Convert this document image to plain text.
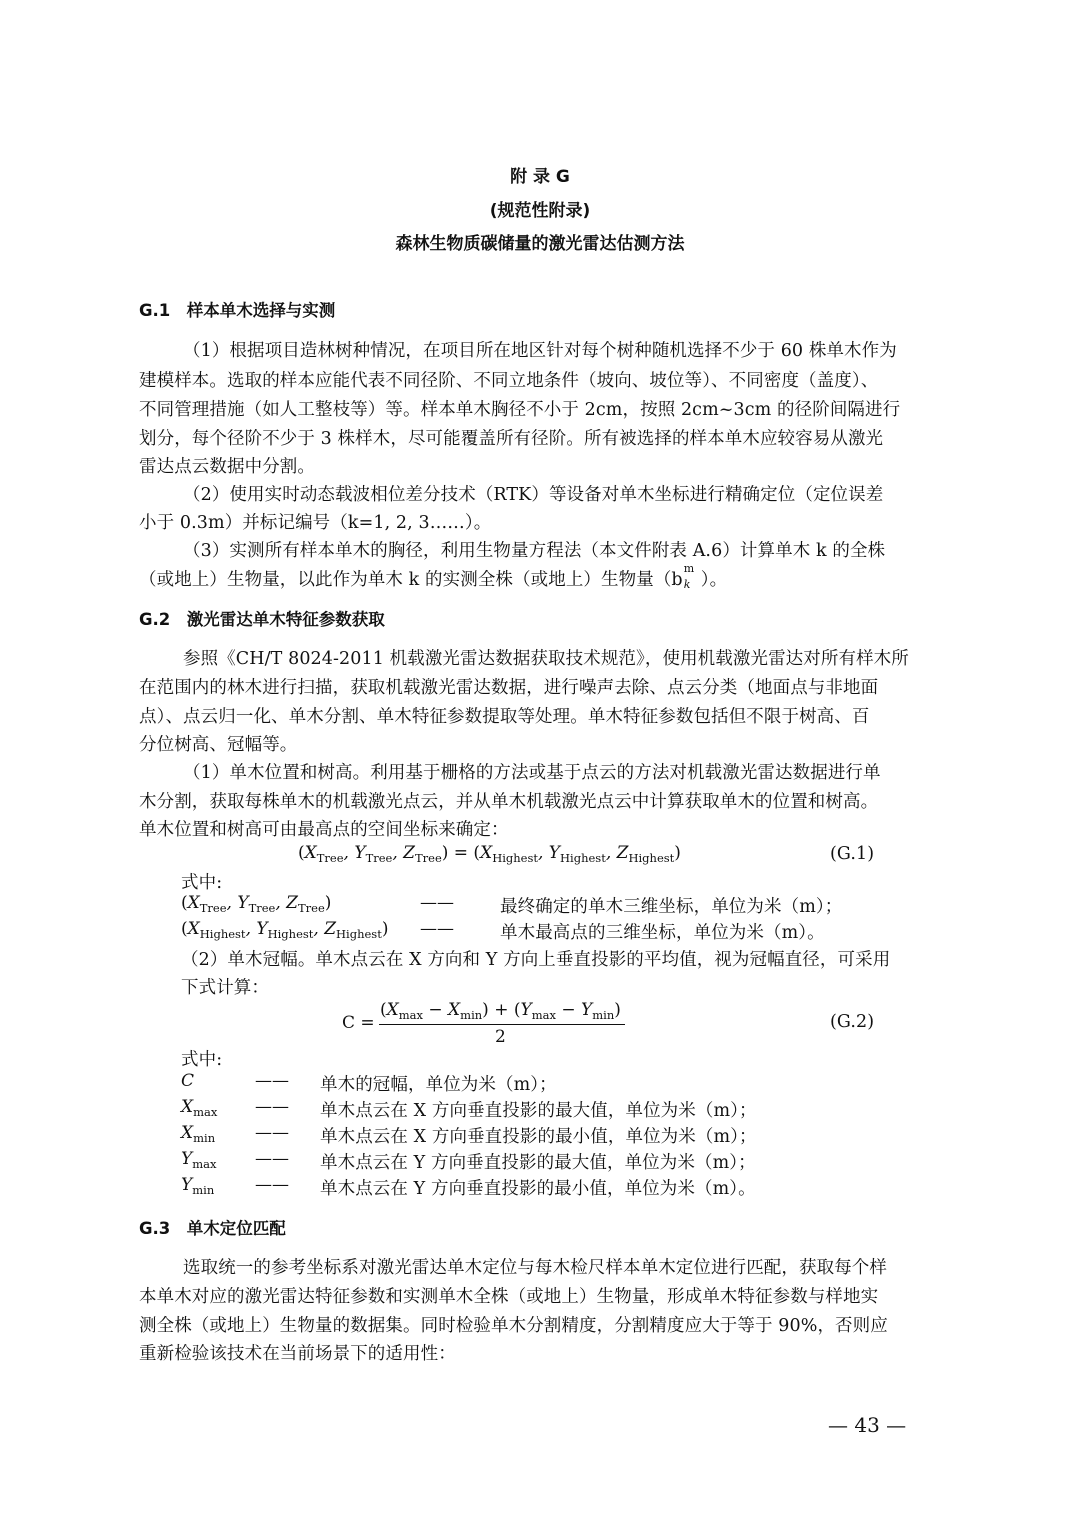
附 录 G
(规范性附录)
森林生物质碳储量的激光雷达估测方法
G.1　样本单木选择与实测
（1）根据项目造林树种情况，在项目所在地区针对每个树种随机选择不少于 60 株单木作为
建模样本。选取的样本应能代表不同径阶、不同立地条件（坡向、坡位等）、不同密度（盖度）、
不同管理措施（如人工整枝等）等。样本单木胸径不小于 2cm，按照 2cm~3cm 的径阶间隔进行
划分，每个径阶不少于 3 株样木，尽可能覆盖所有径阶。所有被选择的样本单木应较容易从激光
雷达点云数据中分割。
（2）使用实时动态载波相位差分技术（RTK）等设备对单木坐标进行精确定位（定位误差
小于 0.3m）并标记编号（k=1, 2, 3……）。
（3）实测所有样本单木的胸径，利用生物量方程法（本文件附表 A.6）计算单木 k 的全株
（或地上）生物量，以此作为单木 k 的实测全株（或地上）生物量（b
m
k ）。
G.2　激光雷达单木特征参数获取
参照《CH/T 8024-2011 机载激光雷达数据获取技术规范》，使用机载激光雷达对所有样木所
在范围内的林木进行扫描，获取机载激光雷达数据，进行噪声去除、点云分类（地面点与非地面
点）、点云归一化、单木分割、单木特征参数提取等处理。单木特征参数包括但不限于树高、百
分位树高、冠幅等。
（1）单木位置和树高。利用基于栅格的方法或基于点云的方法对机载激光雷达数据进行单
木分割，获取每株单木的机载激光点云，并从单木机载激光点云中计算获取单木的位置和树高。
单木位置和树高可由最高点的空间坐标来确定：
($X_{Tree}$, $Y_{Tree}$, $Z_{Tree}) = (X_{Highest}$, $Y_{Highest}$, $Z_{Highest}$)	(G.1)
式中:
($X_{Tree}$, $Y_{Tree}$, $Z_{Tree}$)	——	最终确定的单木三维坐标，单位为米（m）；
($X_{Highest}$, $Y_{Highest}$, $Z_{Highest}$) ——	单木最高点的三维坐标，单位为米（m）。
（2）单木冠幅。单木点云在 X 方向和 Y 方向上垂直投影的平均值，视为冠幅直径，可采用
下式计算：
C =
$(X_{max} - X_{min}) + (Y_{max} - Y_{min})$
2
(G.2)
式中:
C	—— 单木的冠幅，单位为米（m）；
$X_{max}$ —— 单木点云在 X 方向垂直投影的最大值，单位为米（m）；
$X_{min}$ —— 单木点云在 X 方向垂直投影的最小值，单位为米（m）；
$Y_{max}$ —— 单木点云在 Y 方向垂直投影的最大值，单位为米（m）；
$Y_{min}$ —— 单木点云在 Y 方向垂直投影的最小值，单位为米（m）。
G.3　单木定位匹配
选取统一的参考坐标系对激光雷达单木定位与每木检尺样本单木定位进行匹配，获取每个样
本单木对应的激光雷达特征参数和实测单木全株（或地上）生物量，形成单木特征参数与样地实
测全株（或地上）生物量的数据集。同时检验单木分割精度，分割精度应大于等于 90%，否则应
重新检验该技术在当前场景下的适用性：
— 43 —
